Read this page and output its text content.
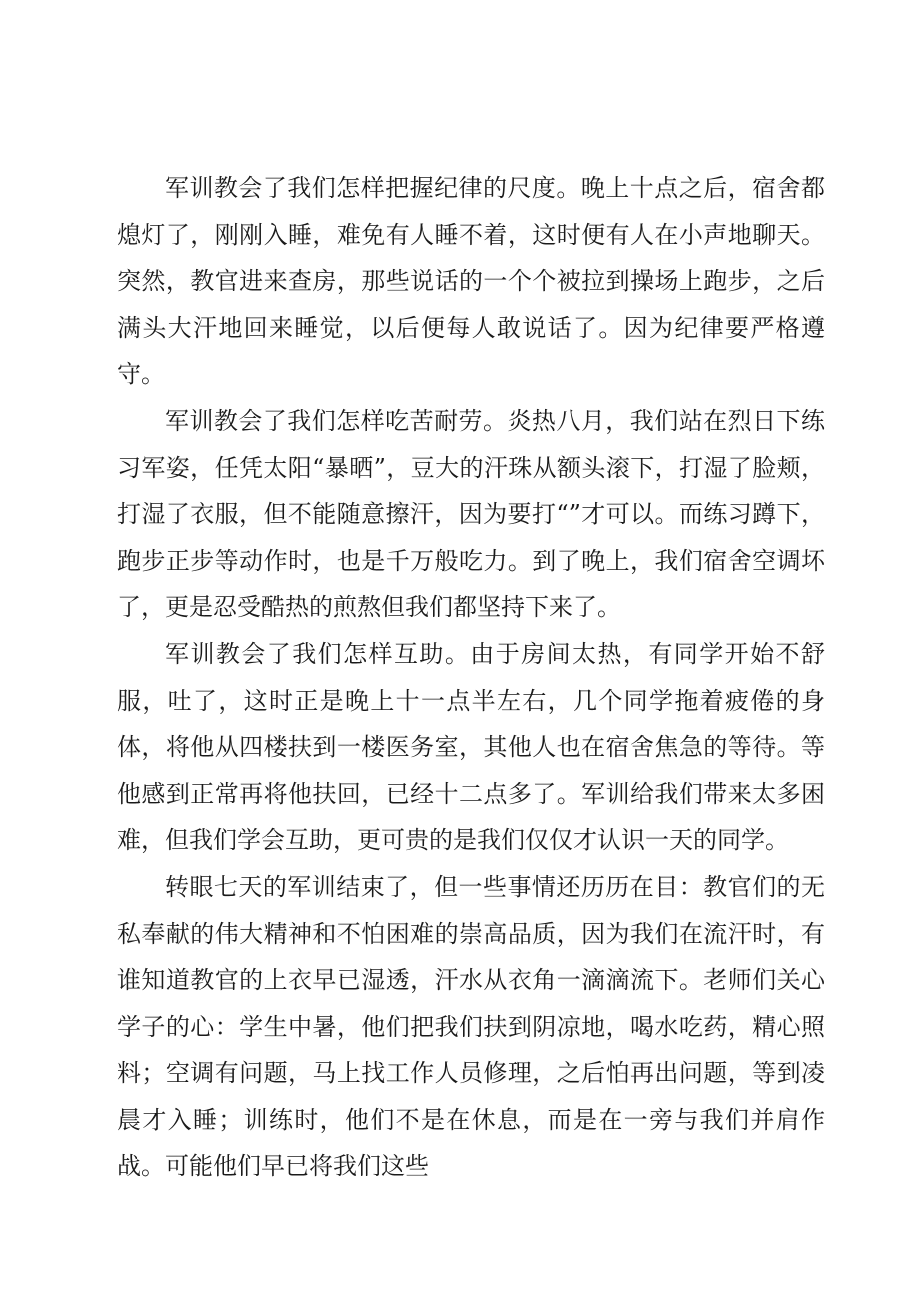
军训教会了我们怎样把握纪律的尺度。晚上十点之后，宿舍都熄灯了，刚刚入睡，难免有人睡不着，这时便有人在小声地聊天。突然，教官进来查房，那些说话的一个个被拉到操场上跑步，之后满头大汗地回来睡觉，以后便每人敢说话了。因为纪律要严格遵守。

军训教会了我们怎样吃苦耐劳。炎热八月，我们站在烈日下练习军姿，任凭太阳“暴晒”，豆大的汗珠从额头滚下，打湿了脸颊，打湿了衣服，但不能随意擦汗，因为要打“”才可以。而练习蹲下，跑步正步等动作时，也是千万般吃力。到了晚上，我们宿舍空调坏了，更是忍受酷热的煎熬但我们都坚持下来了。

军训教会了我们怎样互助。由于房间太热，有同学开始不舒服，吐了，这时正是晚上十一点半左右，几个同学拖着疲倦的身体，将他从四楼扶到一楼医务室，其他人也在宿舍焦急的等待。等他感到正常再将他扶回，已经十二点多了。军训给我们带来太多困难，但我们学会互助，更可贵的是我们仅仅才认识一天的同学。

转眼七天的军训结束了，但一些事情还历历在目：教官们的无私奉献的伟大精神和不怕困难的崇高品质，因为我们在流汗时，有谁知道教官的上衣早已湿透，汗水从衣角一滴滴流下。老师们关心学子的心：学生中暑，他们把我们扶到阴凉地，喝水吃药，精心照料；空调有问题，马上找工作人员修理，之后怕再出问题，等到凌晨才入睡；训练时，他们不是在休息，而是在一旁与我们并肩作战。可能他们早已将我们这些
